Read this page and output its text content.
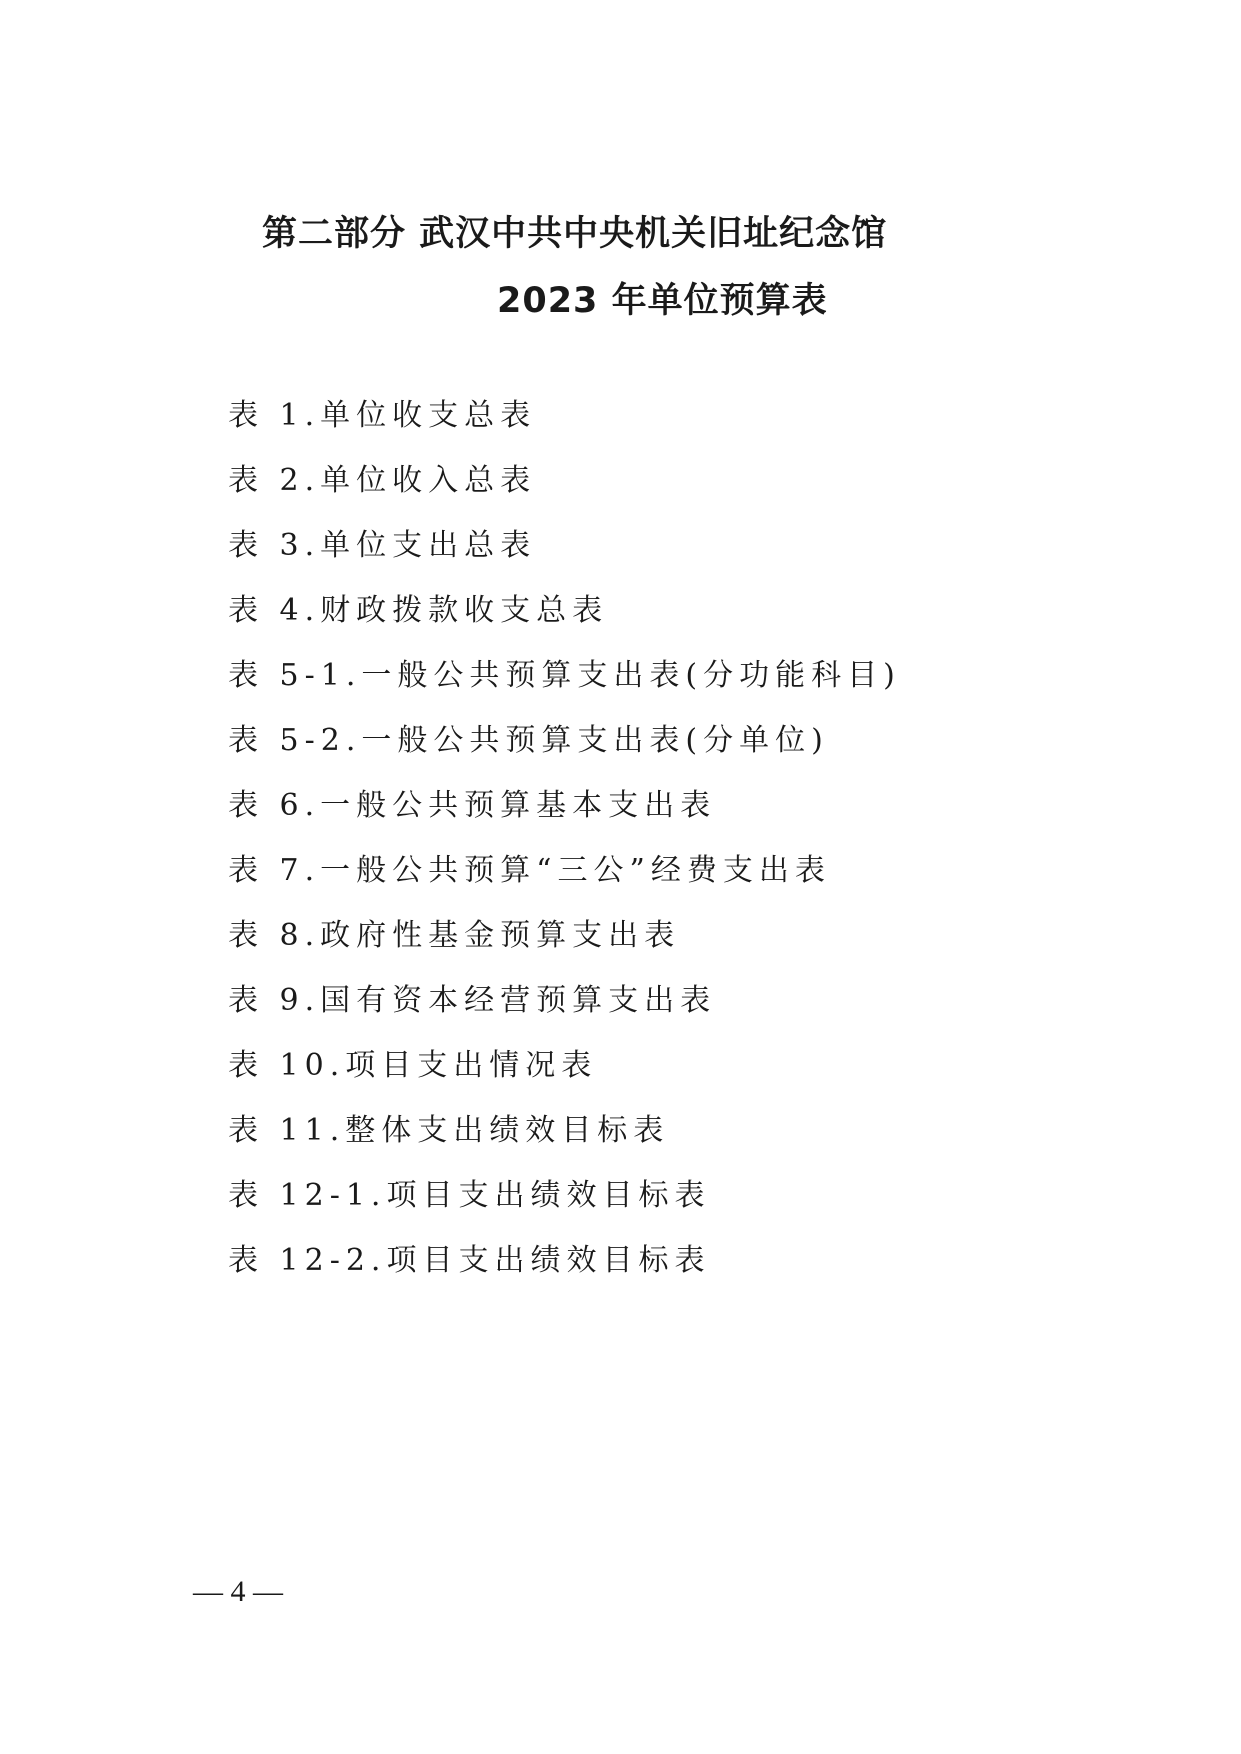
第二部分 武汉中共中央机关旧址纪念馆
2023 年单位预算表
表 1.单位收支总表
表 2.单位收入总表
表 3.单位支出总表
表 4.财政拨款收支总表
表 5-1.一般公共预算支出表(分功能科目)
表 5-2.一般公共预算支出表(分单位)
表 6.一般公共预算基本支出表
表 7.一般公共预算“三公”经费支出表
表 8.政府性基金预算支出表
表 9.国有资本经营预算支出表
表 10.项目支出情况表
表 11.整体支出绩效目标表
表 12-1.项目支出绩效目标表
表 12-2.项目支出绩效目标表
— 4 —
